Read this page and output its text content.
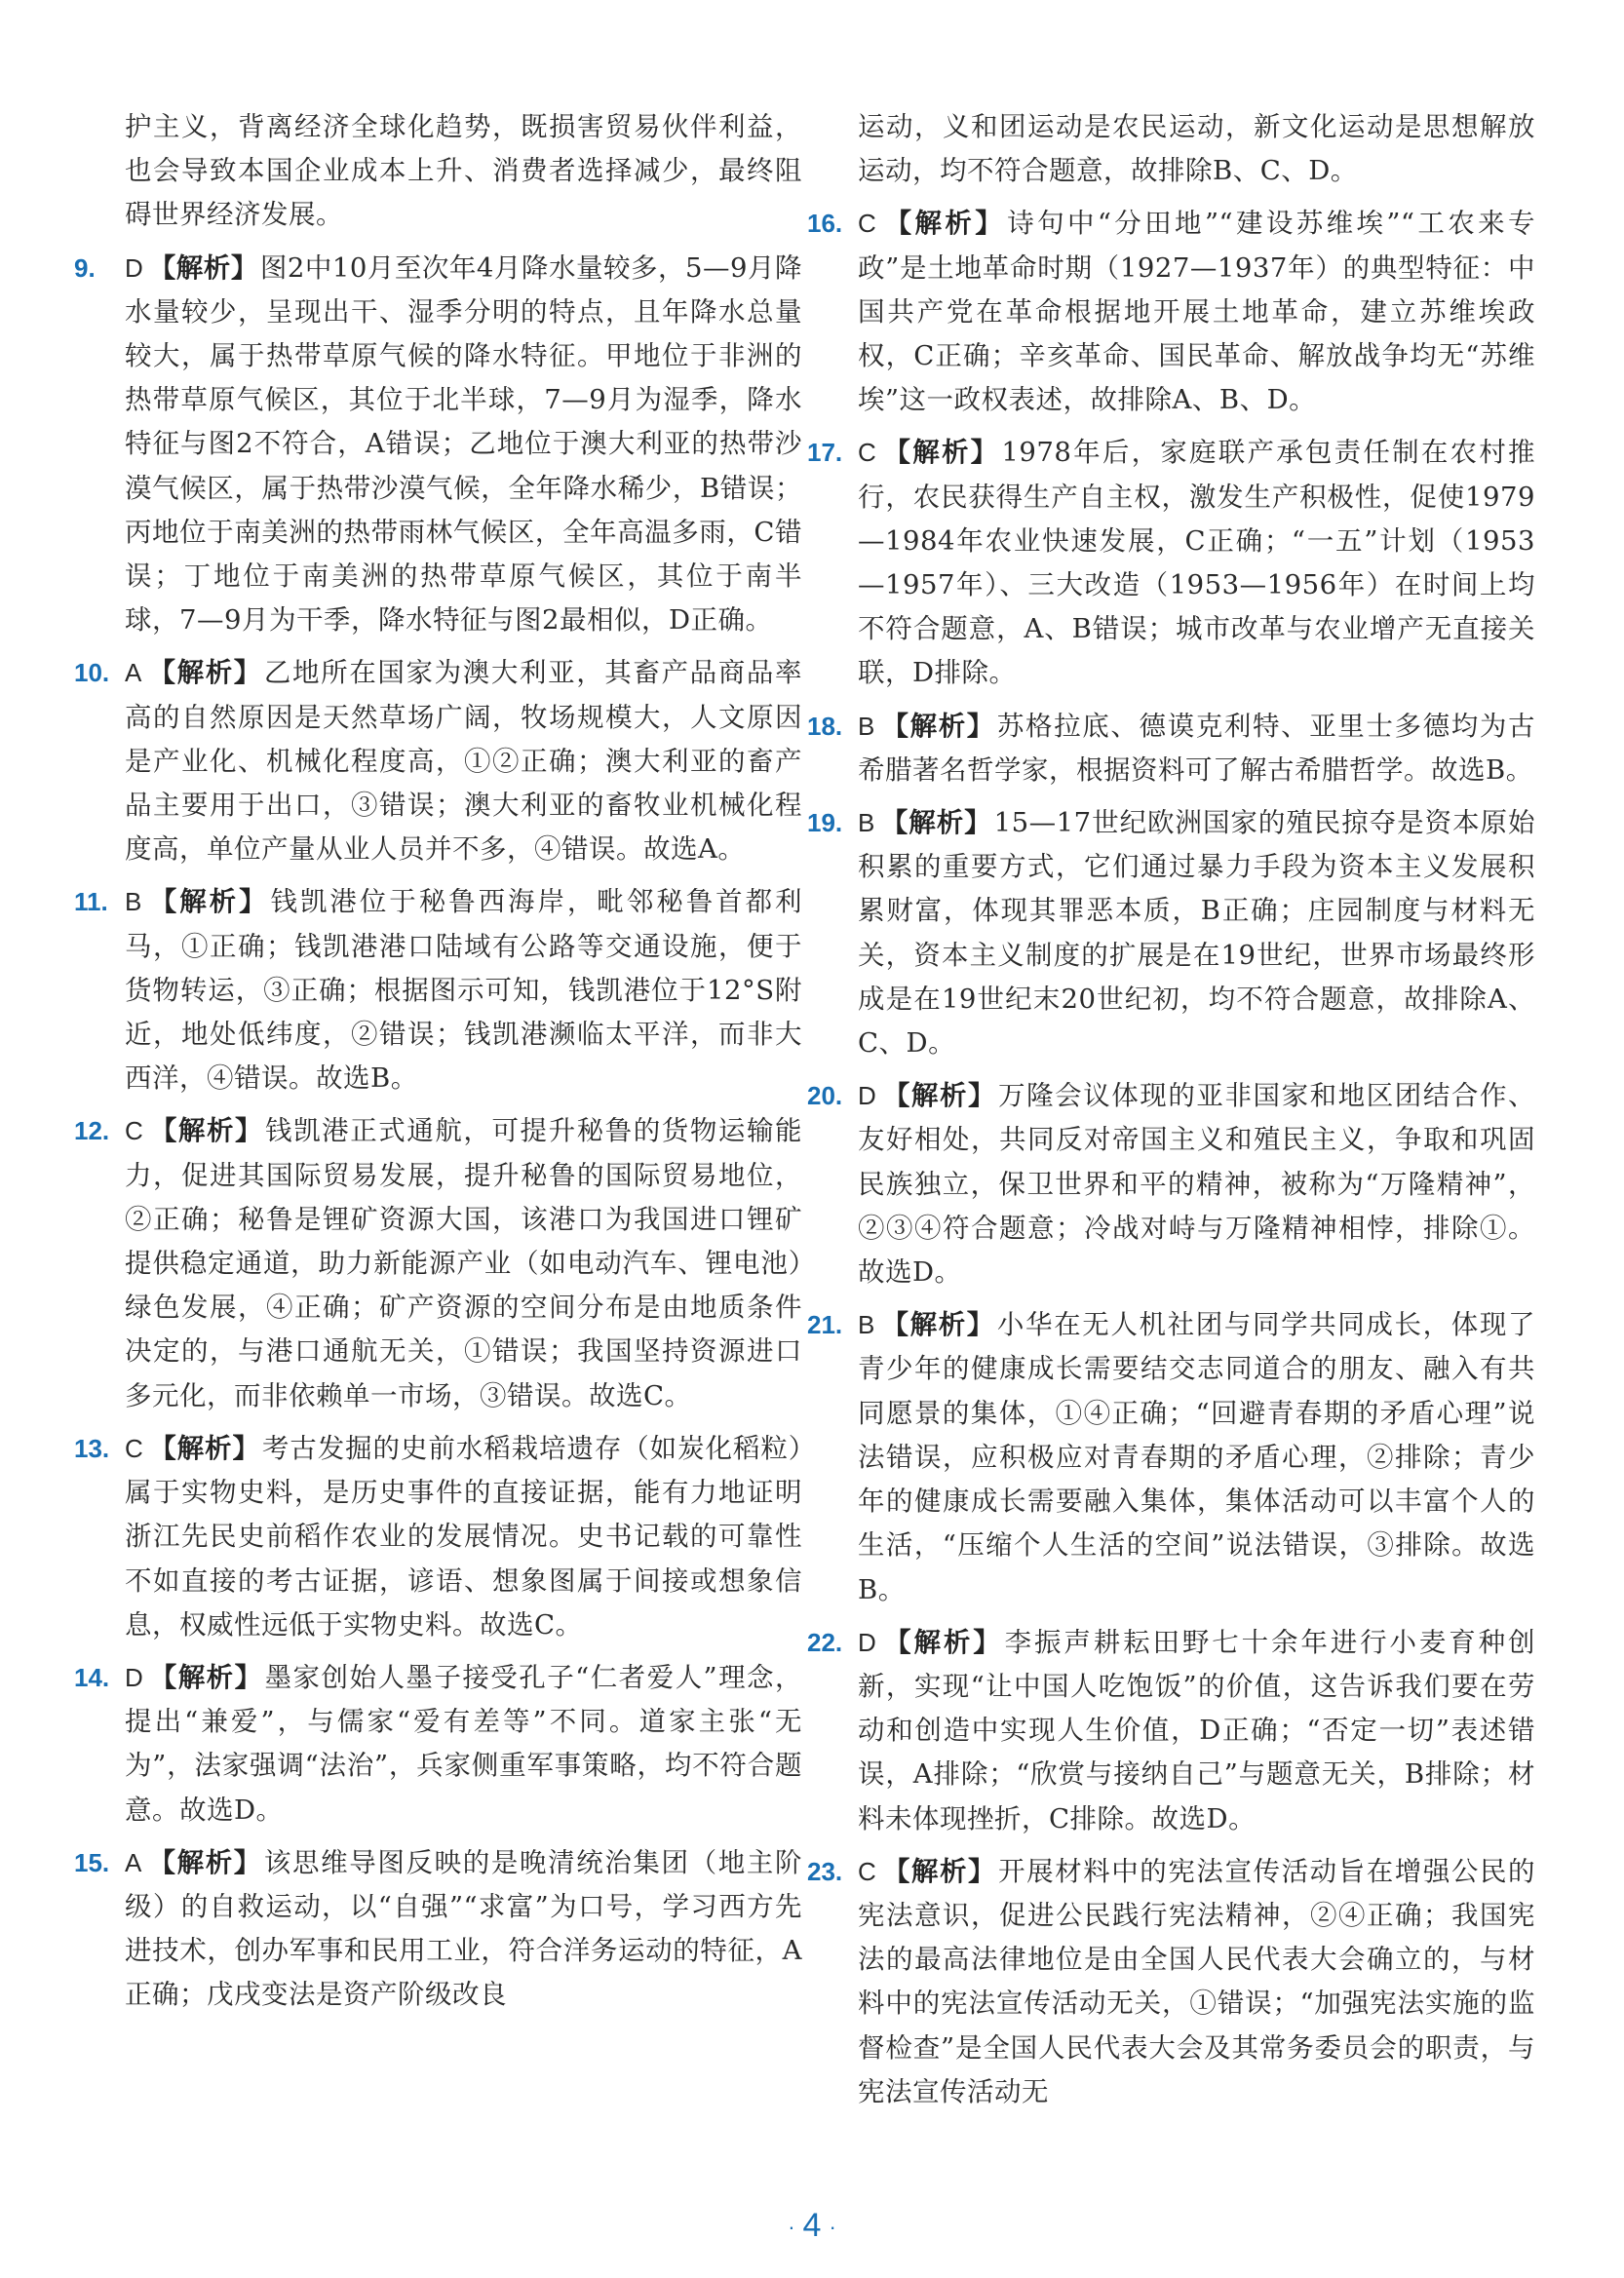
护主义，背离经济全球化趋势，既损害贸易伙伴利益，也会导致本国企业成本上升、消费者选择减少，最终阻碍世界经济发展。
9. D 【解析】图2中10月至次年4月降水量较多，5—9月降水量较少，呈现出干、湿季分明的特点，且年降水总量较大，属于热带草原气候的降水特征。甲地位于非洲的热带草原气候区，其位于北半球，7—9月为湿季，降水特征与图2不符合，A错误；乙地位于澳大利亚的热带沙漠气候区，属于热带沙漠气候，全年降水稀少，B错误；丙地位于南美洲的热带雨林气候区，全年高温多雨，C错误；丁地位于南美洲的热带草原气候区，其位于南半球，7—9月为干季，降水特征与图2最相似，D正确。
10. A 【解析】乙地所在国家为澳大利亚，其畜产品商品率高的自然原因是天然草场广阔，牧场规模大，人文原因是产业化、机械化程度高，①②正确；澳大利亚的畜产品主要用于出口，③错误；澳大利亚的畜牧业机械化程度高，单位产量从业人员并不多，④错误。故选A。
11. B 【解析】钱凯港位于秘鲁西海岸，毗邻秘鲁首都利马，①正确；钱凯港港口陆域有公路等交通设施，便于货物转运，③正确；根据图示可知，钱凯港位于12°S附近，地处低纬度，②错误；钱凯港濒临太平洋，而非大西洋，④错误。故选B。
12. C 【解析】钱凯港正式通航，可提升秘鲁的货物运输能力，促进其国际贸易发展，提升秘鲁的国际贸易地位，②正确；秘鲁是锂矿资源大国，该港口为我国进口锂矿提供稳定通道，助力新能源产业（如电动汽车、锂电池）绿色发展，④正确；矿产资源的空间分布是由地质条件决定的，与港口通航无关，①错误；我国坚持资源进口多元化，而非依赖单一市场，③错误。故选C。
13. C 【解析】考古发掘的史前水稻栽培遗存（如炭化稻粒）属于实物史料，是历史事件的直接证据，能有力地证明浙江先民史前稻作农业的发展情况。史书记载的可靠性不如直接的考古证据，谚语、想象图属于间接或想象信息，权威性远低于实物史料。故选C。
14. D 【解析】墨家创始人墨子接受孔子“仁者爱人”理念，提出“兼爱”，与儒家“爱有差等”不同。道家主张“无为”，法家强调“法治”，兵家侧重军事策略，均不符合题意。故选D。
15. A 【解析】该思维导图反映的是晚清统治集团（地主阶级）的自救运动，以“自强”“求富”为口号，学习西方先进技术，创办军事和民用工业，符合洋务运动的特征，A正确；戊戌变法是资产阶级改良
运动，义和团运动是农民运动，新文化运动是思想解放运动，均不符合题意，故排除B、C、D。
16. C 【解析】诗句中“分田地”“建设苏维埃”“工农来专政”是土地革命时期（1927—1937年）的典型特征：中国共产党在革命根据地开展土地革命，建立苏维埃政权，C正确；辛亥革命、国民革命、解放战争均无“苏维埃”这一政权表述，故排除A、B、D。
17. C 【解析】1978年后，家庭联产承包责任制在农村推行，农民获得生产自主权，激发生产积极性，促使1979—1984年农业快速发展，C正确；“一五”计划（1953—1957年）、三大改造（1953—1956年）在时间上均不符合题意，A、B错误；城市改革与农业增产无直接关联，D排除。
18. B 【解析】苏格拉底、德谟克利特、亚里士多德均为古希腊著名哲学家，根据资料可了解古希腊哲学。故选B。
19. B 【解析】15—17世纪欧洲国家的殖民掠夺是资本原始积累的重要方式，它们通过暴力手段为资本主义发展积累财富，体现其罪恶本质，B正确；庄园制度与材料无关，资本主义制度的扩展是在19世纪，世界市场最终形成是在19世纪末20世纪初，均不符合题意，故排除A、C、D。
20. D 【解析】万隆会议体现的亚非国家和地区团结合作、友好相处，共同反对帝国主义和殖民主义，争取和巩固民族独立，保卫世界和平的精神，被称为“万隆精神”，②③④符合题意；冷战对峙与万隆精神相悖，排除①。故选D。
21. B 【解析】小华在无人机社团与同学共同成长，体现了青少年的健康成长需要结交志同道合的朋友、融入有共同愿景的集体，①④正确；“回避青春期的矛盾心理”说法错误，应积极应对青春期的矛盾心理，②排除；青少年的健康成长需要融入集体，集体活动可以丰富个人的生活，“压缩个人生活的空间”说法错误，③排除。故选B。
22. D 【解析】李振声耕耘田野七十余年进行小麦育种创新，实现“让中国人吃饱饭”的价值，这告诉我们要在劳动和创造中实现人生价值，D正确；“否定一切”表述错误，A排除；“欣赏与接纳自己”与题意无关，B排除；材料未体现挫折，C排除。故选D。
23. C 【解析】开展材料中的宪法宣传活动旨在增强公民的宪法意识，促进公民践行宪法精神，②④正确；我国宪法的最高法律地位是由全国人民代表大会确立的，与材料中的宪法宣传活动无关，①错误；“加强宪法实施的监督检查”是全国人民代表大会及其常务委员会的职责，与宪法宣传活动无
· 4 ·
